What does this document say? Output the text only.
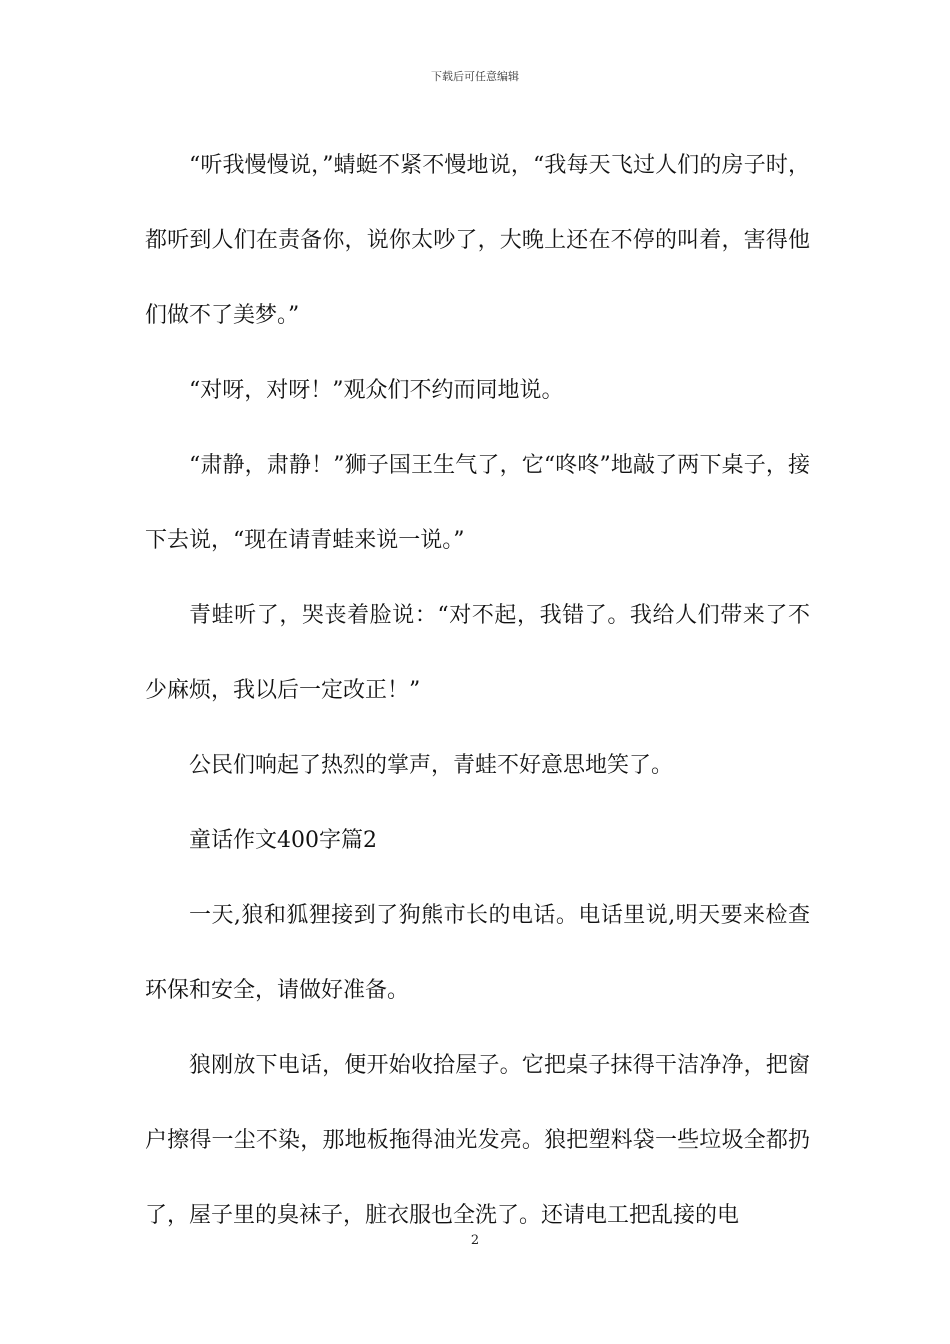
下载后可任意编辑

“听我慢慢说，”蜻蜓不紧不慢地说，“我每天飞过人们的房子时，都听到人们在责备你，说你太吵了，大晚上还在不停的叫着，害得他们做不了美梦。”

“对呀，对呀！”观众们不约而同地说。

“肃静，肃静！”狮子国王生气了，它“咚咚”地敲了两下桌子，接下去说，“现在请青蛙来说一说。”

青蛙听了，哭丧着脸说：“对不起，我错了。我给人们带来了不少麻烦，我以后一定改正！”

公民们响起了热烈的掌声，青蛙不好意思地笑了。

童话作文400字篇2

一天,狼和狐狸接到了狗熊市长的电话。电话里说,明天要来检查环保和安全，请做好准备。

狼刚放下电话，便开始收拾屋子。它把桌子抹得干洁净净，把窗户擦得一尘不染，那地板拖得油光发亮。狼把塑料袋一些垃圾全都扔了，屋子里的臭袜子，脏衣服也全洗了。还请电工把乱接的电

2
